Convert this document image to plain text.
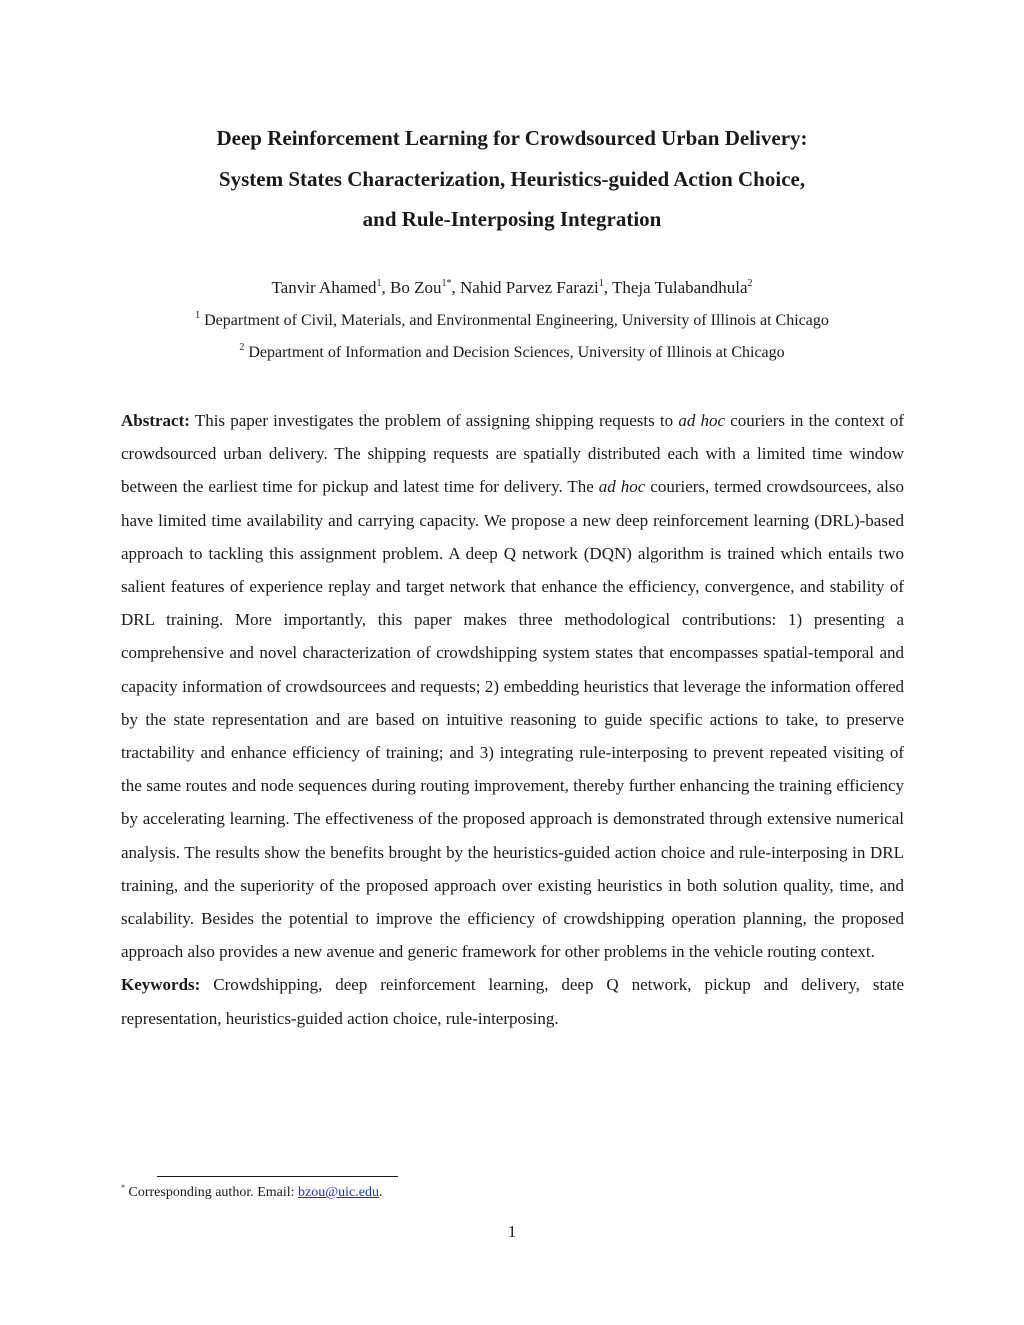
Deep Reinforcement Learning for Crowdsourced Urban Delivery:
System States Characterization, Heuristics-guided Action Choice,
and Rule-Interposing Integration
Tanvir Ahamed$^1$, Bo Zou$^{1*}$, Nahid Parvez Farazi$^1$, Theja Tulabandhula$^2$
$^1$ Department of Civil, Materials, and Environmental Engineering, University of Illinois at Chicago
$^2$ Department of Information and Decision Sciences, University of Illinois at Chicago

Abstract: This paper investigates the problem of assigning shipping requests to ad hoc couriers in the context of crowdsourced urban delivery. The shipping requests are spatially distributed each with a limited time window between the earliest time for pickup and latest time for delivery. The ad hoc couriers, termed crowdsourcees, also have limited time availability and carrying capacity. We propose a new deep reinforcement learning (DRL)-based approach to tackling this assignment problem. A deep Q network (DQN) algorithm is trained which entails two salient features of experience replay and target network that enhance the efficiency, convergence, and stability of DRL training. More importantly, this paper makes three methodological contributions: 1) presenting a comprehensive and novel characterization of crowdshipping system states that encompasses spatial-temporal and capacity information of crowdsourcees and requests; 2) embedding heuristics that leverage the information offered by the state representation and are based on intuitive reasoning to guide specific actions to take, to preserve tractability and enhance efficiency of training; and 3) integrating rule-interposing to prevent repeated visiting of the same routes and node sequences during routing improvement, thereby further enhancing the training efficiency by accelerating learning. The effectiveness of the proposed approach is demonstrated through extensive numerical analysis. The results show the benefits brought by the heuristics-guided action choice and rule-interposing in DRL training, and the superiority of the proposed approach over existing heuristics in both solution quality, time, and scalability. Besides the potential to improve the efficiency of crowdshipping operation planning, the proposed approach also provides a new avenue and generic framework for other problems in the vehicle routing context.

Keywords: Crowdshipping, deep reinforcement learning, deep Q network, pickup and delivery, state representation, heuristics-guided action choice, rule-interposing.

* Corresponding author. Email: bzou@uic.edu.
1
